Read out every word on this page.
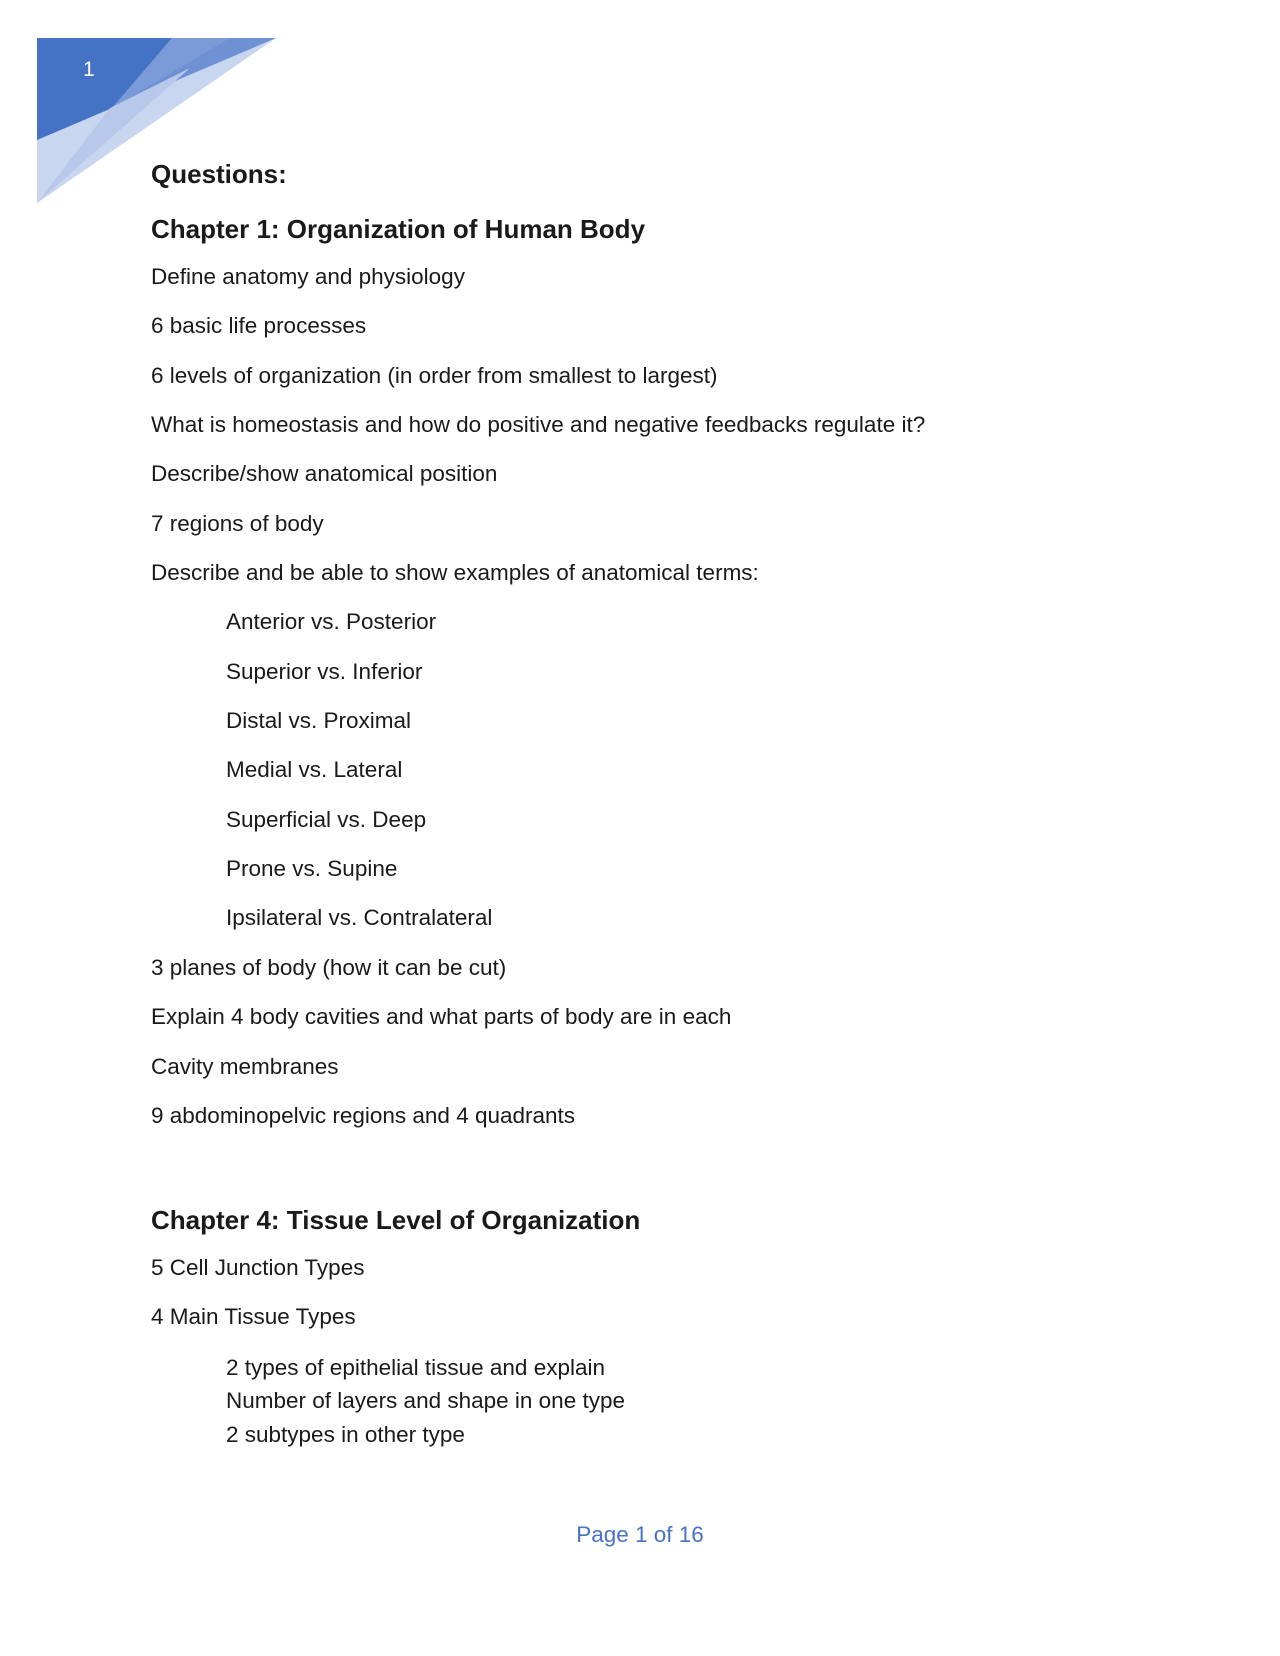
1
Questions:
Chapter 1: Organization of Human Body
Define anatomy and physiology
6 basic life processes
6 levels of organization (in order from smallest to largest)
What is homeostasis and how do positive and negative feedbacks regulate it?
Describe/show anatomical position
7 regions of body
Describe and be able to show examples of anatomical terms:
Anterior vs. Posterior
Superior vs. Inferior
Distal vs. Proximal
Medial vs. Lateral
Superficial vs. Deep
Prone vs. Supine
Ipsilateral vs. Contralateral
3 planes of body (how it can be cut)
Explain 4 body cavities and what parts of body are in each
Cavity membranes
9 abdominopelvic regions and 4 quadrants
Chapter 4: Tissue Level of Organization
5 Cell Junction Types
4 Main Tissue Types
2 types of epithelial tissue and explain
Number of layers and shape in one type
2 subtypes in other type
Page 1 of 16
